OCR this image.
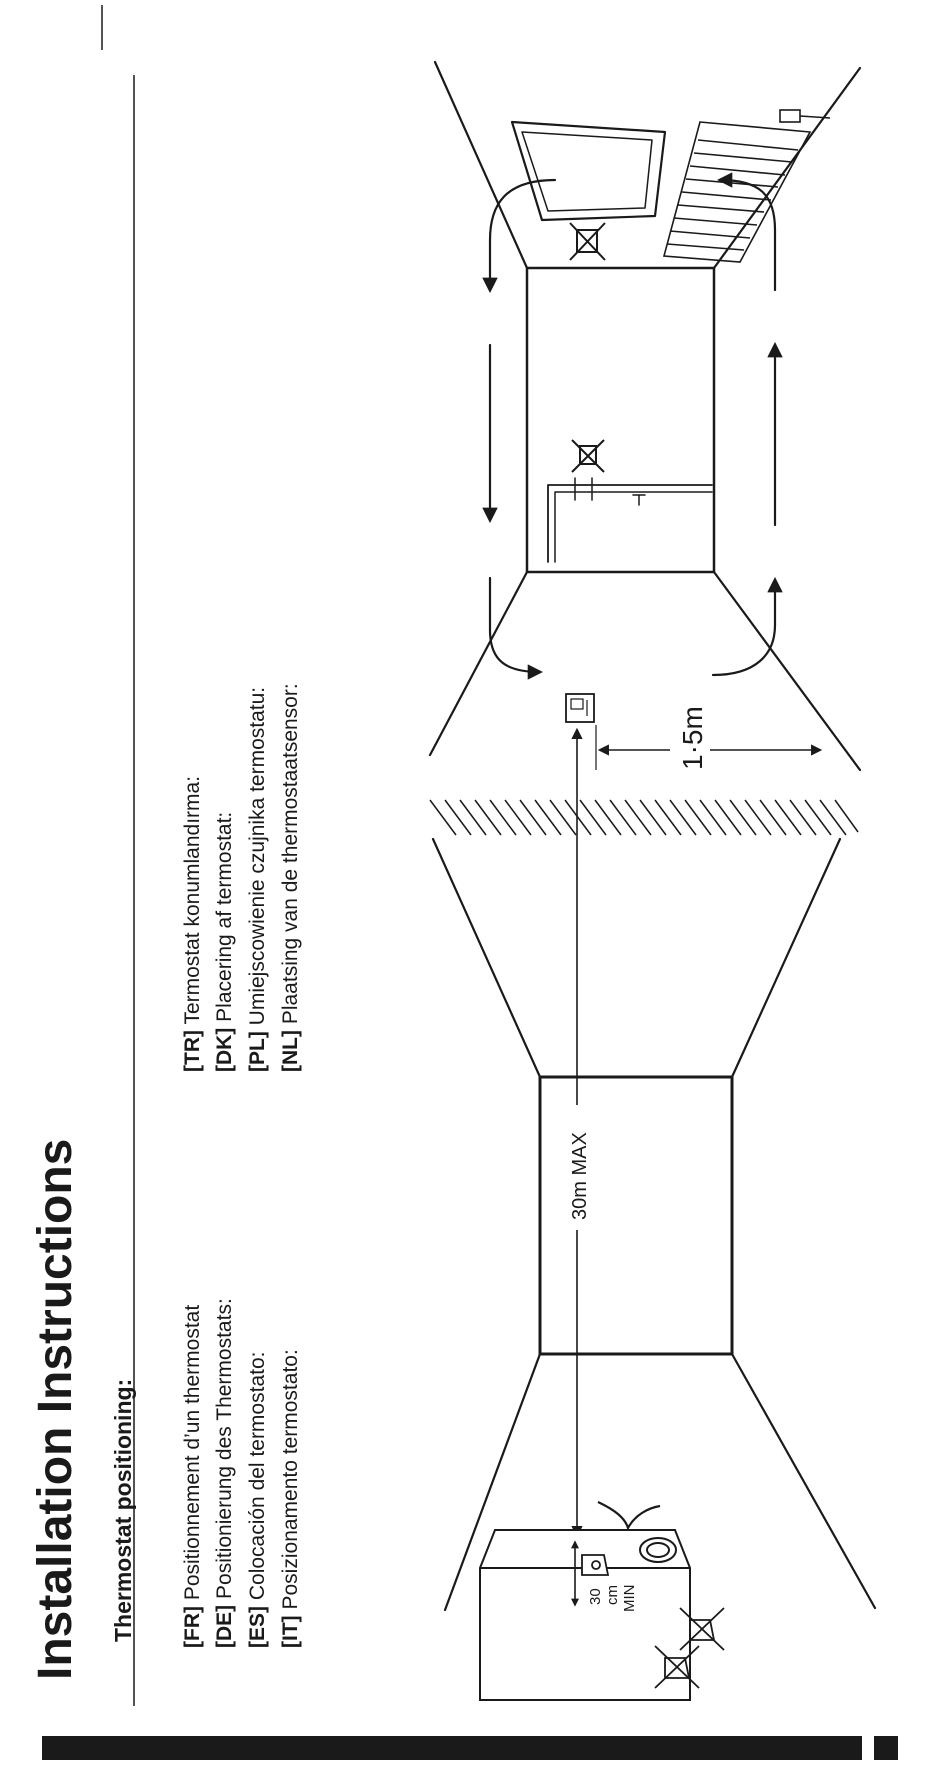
Installation Instructions Thermostat positioning: [FR] Positionnement d’un thermostat
[DE] Positionierung des Thermostats:
[ES] Colocación del termostato:
[IT] Posizionamento termostato:
[TR] Termostat konumlandırma:
[DK] Placering af termostat:
[PL] Umiejscowienie czujnika termostatu:
[NL] Plaatsing van de thermostaatsensor:
30m MAX
1·5m
30 cm MIN
